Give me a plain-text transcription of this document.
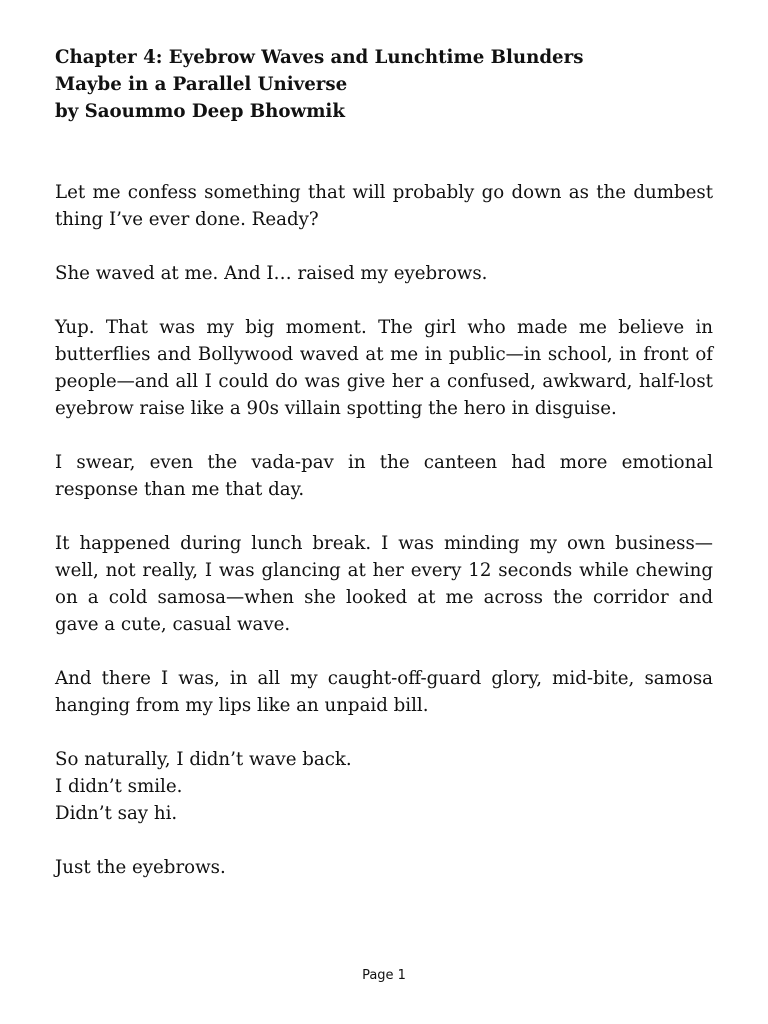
Chapter 4: Eyebrow Waves and Lunchtime Blunders
Maybe in a Parallel Universe
by Saoummo Deep Bhowmik

Let me confess something that will probably go down as the dumbest thing I’ve ever done. Ready?

She waved at me. And I… raised my eyebrows.

Yup. That was my big moment. The girl who made me believe in butterflies and Bollywood waved at me in public—in school, in front of people—and all I could do was give her a confused, awkward, half-lost eyebrow raise like a 90s villain spotting the hero in disguise.

I swear, even the vada-pav in the canteen had more emotional response than me that day.

It happened during lunch break. I was minding my own business—well, not really, I was glancing at her every 12 seconds while chewing on a cold samosa—when she looked at me across the corridor and gave a cute, casual wave.

And there I was, in all my caught-off-guard glory, mid-bite, samosa hanging from my lips like an unpaid bill.

So naturally, I didn’t wave back.
I didn’t smile.
Didn’t say hi.

Just the eyebrows.

Page 1
